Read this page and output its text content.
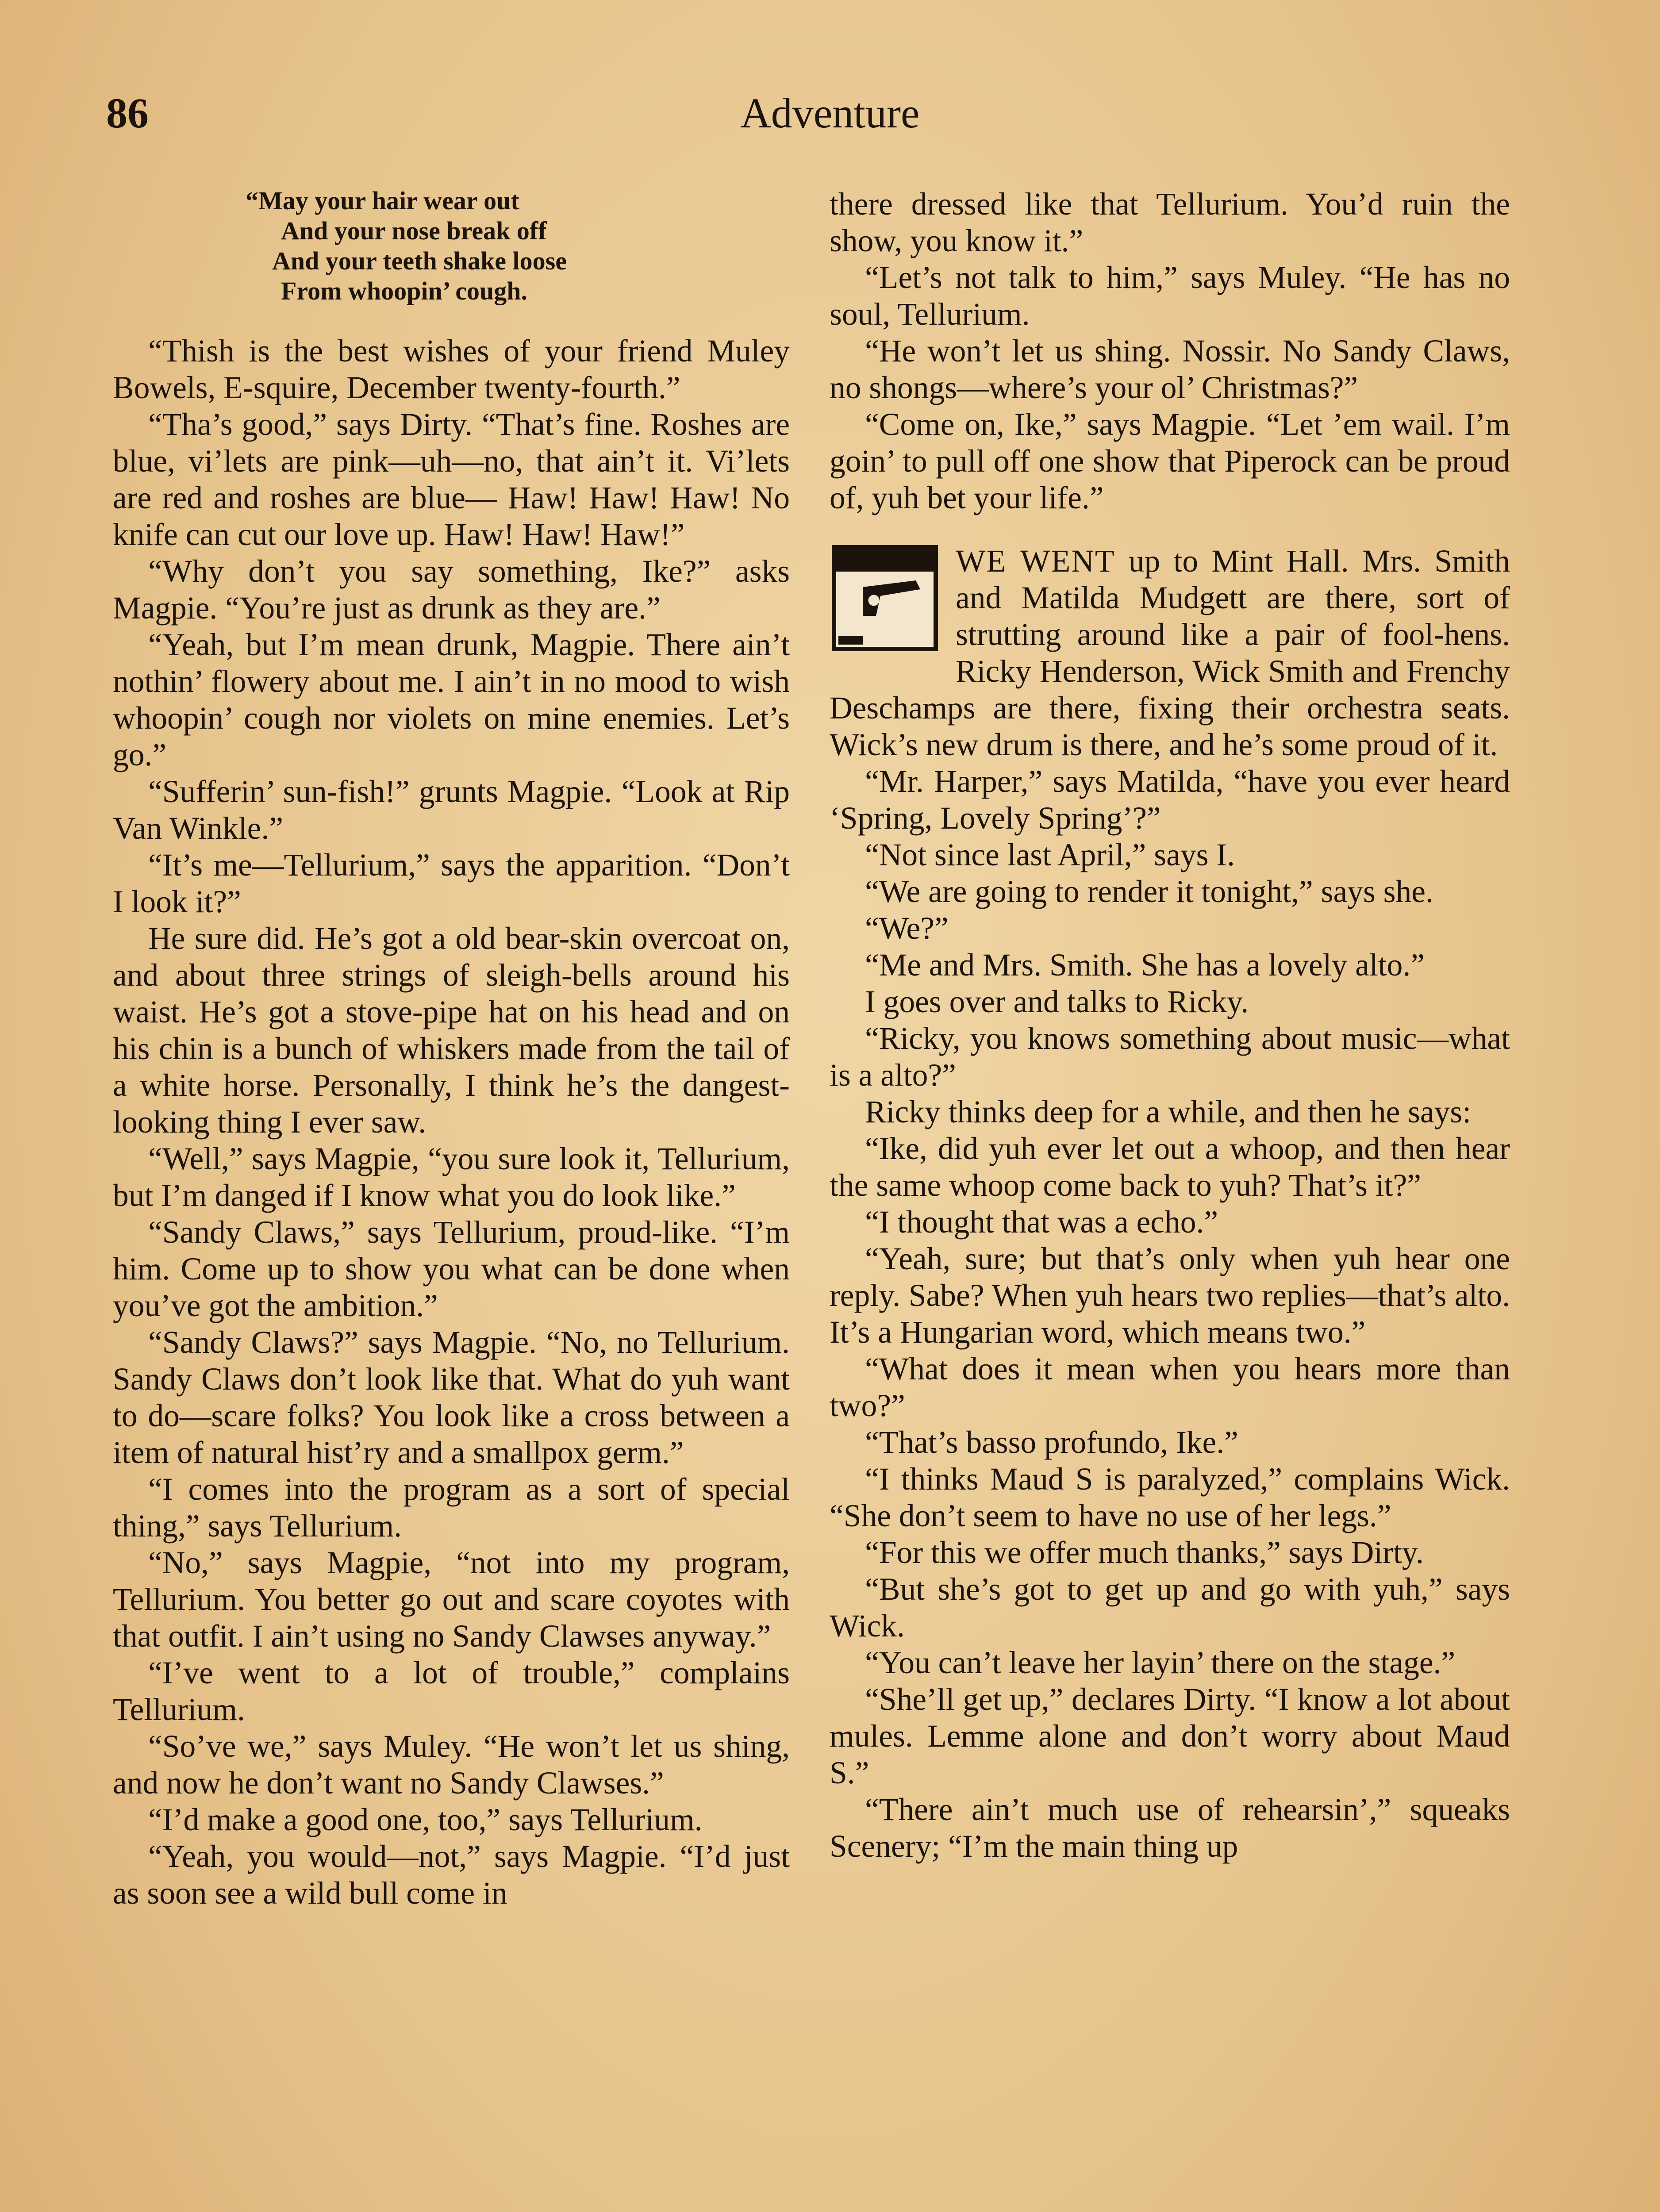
86	Adventure
“May your hair wear out
And your nose break off
And your teeth shake loose
From whoopin’ cough.

“Thish is the best wishes of your friend Muley Bowels, E-squire, December twenty-fourth.”

“Tha’s good,” says Dirty. “That’s fine. Roshes are blue, vi’lets are pink—uh—no, that ain’t it. Vi’lets are red and roshes are blue— Haw! Haw! Haw! No knife can cut our love up. Haw! Haw! Haw!”

“Why don’t you say something, Ike?” asks Magpie. “You’re just as drunk as they are.”

“Yeah, but I’m mean drunk, Magpie. There ain’t nothin’ flowery about me. I ain’t in no mood to wish whoopin’ cough nor violets on mine enemies. Let’s go.”

“Sufferin’ sun-fish!” grunts Magpie. “Look at Rip Van Winkle.”

“It’s me—Tellurium,” says the apparition. “Don’t I look it?”

He sure did. He’s got a old bear-skin overcoat on, and about three strings of sleigh-bells around his waist. He’s got a stove-pipe hat on his head and on his chin is a bunch of whiskers made from the tail of a white horse. Personally, I think he’s the dangest-looking thing I ever saw.

“Well,” says Magpie, “you sure look it, Tellurium, but I’m danged if I know what you do look like.”

“Sandy Claws,” says Tellurium, proud-like. “I’m him. Come up to show you what can be done when you’ve got the ambition.”

“Sandy Claws?” says Magpie. “No, no Tellurium. Sandy Claws don’t look like that. What do yuh want to do—scare folks? You look like a cross between a item of natural hist’ry and a smallpox germ.”

“I comes into the program as a sort of special thing,” says Tellurium.

“No,” says Magpie, “not into my program, Tellurium. You better go out and scare coyotes with that outfit. I ain’t using no Sandy Clawses anyway.”

“I’ve went to a lot of trouble,” complains Tellurium.

“So’ve we,” says Muley. “He won’t let us shing, and now he don’t want no Sandy Clawses.”

“I’d make a good one, too,” says Tellurium.

“Yeah, you would—not,” says Magpie. “I’d just as soon see a wild bull come in

there dressed like that Tellurium. You’d ruin the show, you know it.”

“Let’s not talk to him,” says Muley. “He has no soul, Tellurium.

“He won’t let us shing. Nossir. No Sandy Claws, no shongs—where’s your ol’ Christmas?”

“Come on, Ike,” says Magpie. “Let ’em wail. I’m goin’ to pull off one show that Piperock can be proud of, yuh bet your life.”

WE WENT up to Mint Hall. Mrs. Smith and Matilda Mudgett are there, sort of strutting around like a pair of fool-hens. Ricky Henderson, Wick Smith and Frenchy Deschamps are there, fixing their orchestra seats. Wick’s new drum is there, and he’s some proud of it.

“Mr. Harper,” says Matilda, “have you ever heard ‘Spring, Lovely Spring’?”

“Not since last April,” says I.

“We are going to render it tonight,” says she.

“We?”

“Me and Mrs. Smith. She has a lovely alto.”

I goes over and talks to Ricky.

“Ricky, you knows something about music—what is a alto?”

Ricky thinks deep for a while, and then he says:

“Ike, did yuh ever let out a whoop, and then hear the same whoop come back to yuh? That’s it?”

“I thought that was a echo.”

“Yeah, sure; but that’s only when yuh hear one reply. Sabe? When yuh hears two replies—that’s alto. It’s a Hungarian word, which means two.”

“What does it mean when you hears more than two?”

“That’s basso profundo, Ike.”

“I thinks Maud S is paralyzed,” complains Wick. “She don’t seem to have no use of her legs.”

“For this we offer much thanks,” says Dirty.

“But she’s got to get up and go with yuh,” says Wick.

“You can’t leave her layin’ there on the stage.”

“She’ll get up,” declares Dirty. “I know a lot about mules. Lemme alone and don’t worry about Maud S.”

“There ain’t much use of rehearsin’,” squeaks Scenery; “I’m the main thing up
